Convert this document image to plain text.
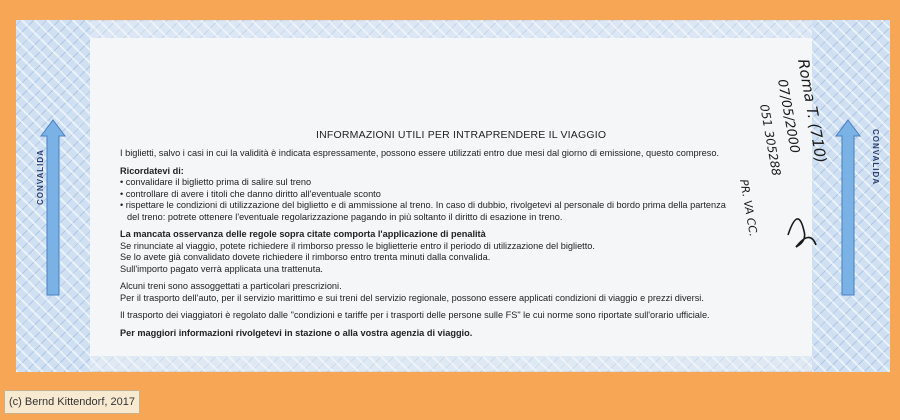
CONVALIDA	CONVALIDA
INFORMAZIONI UTILI PER INTRAPRENDERE IL VIAGGIO

I biglietti, salvo i casi in cui la validità è indicata espressamente, possono essere utilizzati entro due mesi dal giorno di emissione, questo compreso.

Ricordatevi di:

• convalidare il biglietto prima di salire sul treno

• controllare di avere i titoli che danno diritto all'eventuale sconto

• rispettare le condizioni di utilizzazione del biglietto e di ammissione al treno. In caso di dubbio, rivolgetevi al personale di bordo prima della partenza

del treno: potrete ottenere l'eventuale regolarizzazione pagando in più soltanto il diritto di esazione in treno.

La mancata osservanza delle regole sopra citate comporta l'applicazione di penalità

Se rinunciate al viaggio, potete richiedere il rimborso presso le biglietterie entro il periodo di utilizzazione del biglietto.

Se lo avete già convalidato dovete richiedere il rimborso entro trenta minuti dalla convalida.

Sull'importo pagato verrà applicata una trattenuta.

Alcuni treni sono assoggettati a particolari prescrizioni.

Per il trasporto dell'auto, per il servizio marittimo e sui treni del servizio regionale, possono essere applicati condizioni di viaggio e prezzi diversi.

Il trasporto dei viaggiatori è regolato dalle "condizioni e tariffe per i trasporti delle persone sulle FS" le cui norme sono riportate sull'orario ufficiale.

Per maggiori informazioni rivolgetevi in stazione o alla vostra agenzia di viaggio.

Roma T. (710)
07/05/2000
051 305288
PR. VA CC.
(c) Bernd Kittendorf, 2017
